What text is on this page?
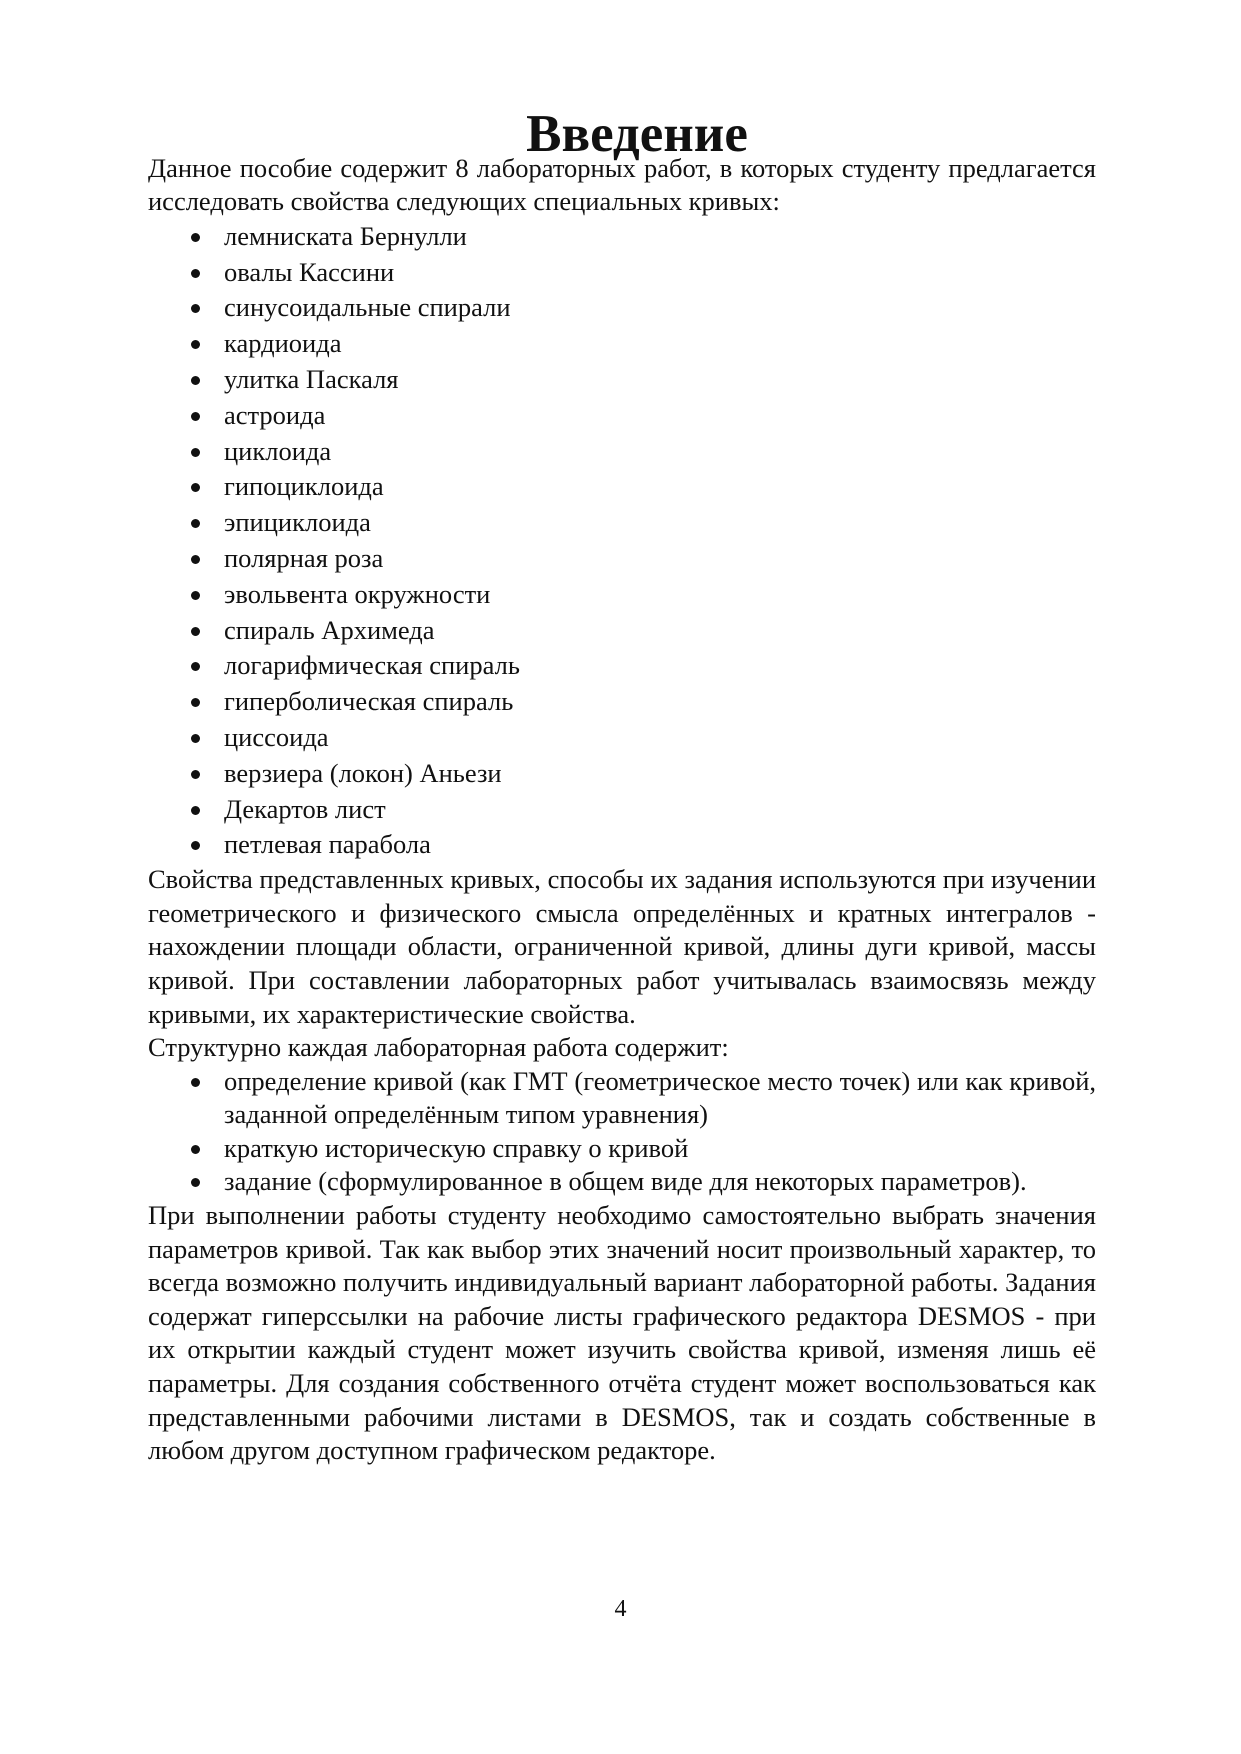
Введение

Данное пособие содержит 8 лабораторных работ, в которых студенту предлагается исследовать свойства следующих специальных кривых:

лемниската Бернулли
овалы Кассини
синусоидальные спирали
кардиоида
улитка Паскаля
астроида
циклоида
гипоциклоида
эпициклоида
полярная роза
эвольвента окружности
спираль Архимеда
логарифмическая спираль
гиперболическая спираль
циссоида
верзиера (локон) Аньези
Декартов лист
петлевая парабола

Свойства представленных кривых, способы их задания используются при изучении геометрического и физического смысла определённых и кратных интегралов - нахождении площади области, ограниченной кривой, длины дуги кривой, массы кривой. При составлении лабораторных работ учитывалась взаимосвязь между кривыми, их характеристические свойства.

Структурно каждая лабораторная работа содержит:

определение кривой (как ГМТ (геометрическое место точек) или как кривой, заданной определённым типом уравнения)
краткую историческую справку о кривой
задание (сформулированное в общем виде для некоторых параметров).

При выполнении работы студенту необходимо самостоятельно выбрать значения параметров кривой. Так как выбор этих значений носит произвольный характер, то всегда возможно получить индивидуальный вариант лабораторной работы. Задания содержат гиперссылки на рабочие листы графического редактора DESMOS - при их открытии каждый студент может изучить свойства кривой, изменяя лишь её параметры. Для создания собственного отчёта студент может воспользоваться как представленными рабочими листами в DESMOS, так и создать собственные в любом другом доступном графическом редакторе.

4
